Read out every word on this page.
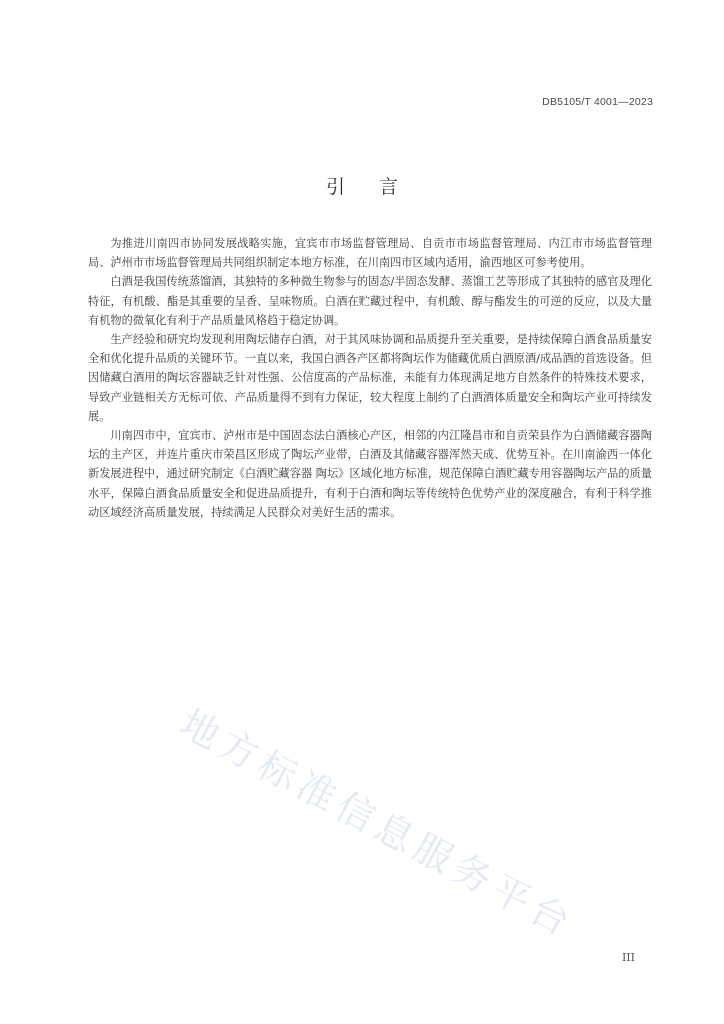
DB5105/T 4001—2023
引言

为推进川南四市协同发展战略实施，宜宾市市场监督管理局、自贡市市场监督管理局、内江市市场监督管理局、泸州市市场监督管理局共同组织制定本地方标准，在川南四市区域内适用，渝西地区可参考使用。

白酒是我国传统蒸馏酒，其独特的多种微生物参与的固态/半固态发酵、蒸馏工艺等形成了其独特的感官及理化特征，有机酸、酯是其重要的呈香、呈味物质。白酒在贮藏过程中，有机酸、醇与酯发生的可逆的反应，以及大量有机物的微氧化有利于产品质量风格趋于稳定协调。

生产经验和研究均发现利用陶坛储存白酒，对于其风味协调和品质提升至关重要，是持续保障白酒食品质量安全和优化提升品质的关键环节。一直以来，我国白酒各产区都将陶坛作为储藏优质白酒原酒/成品酒的首选设备。但因储藏白酒用的陶坛容器缺乏针对性强、公信度高的产品标准，未能有力体现满足地方自然条件的特殊技术要求，导致产业链相关方无标可依、产品质量得不到有力保证，较大程度上制约了白酒酒体质量安全和陶坛产业可持续发展。

川南四市中，宜宾市、泸州市是中国固态法白酒核心产区，相邻的内江隆昌市和自贡荣县作为白酒储藏容器陶坛的主产区，并连片重庆市荣昌区形成了陶坛产业带，白酒及其储藏容器浑然天成、优势互补。在川南渝西一体化新发展进程中，通过研究制定《白酒贮藏容器 陶坛》区域化地方标准，规范保障白酒贮藏专用容器陶坛产品的质量水平，保障白酒食品质量安全和促进品质提升，有利于白酒和陶坛等传统特色优势产业的深度融合，有利于科学推动区域经济高质量发展，持续满足人民群众对美好生活的需求。

地方标准信息服务平台
III
